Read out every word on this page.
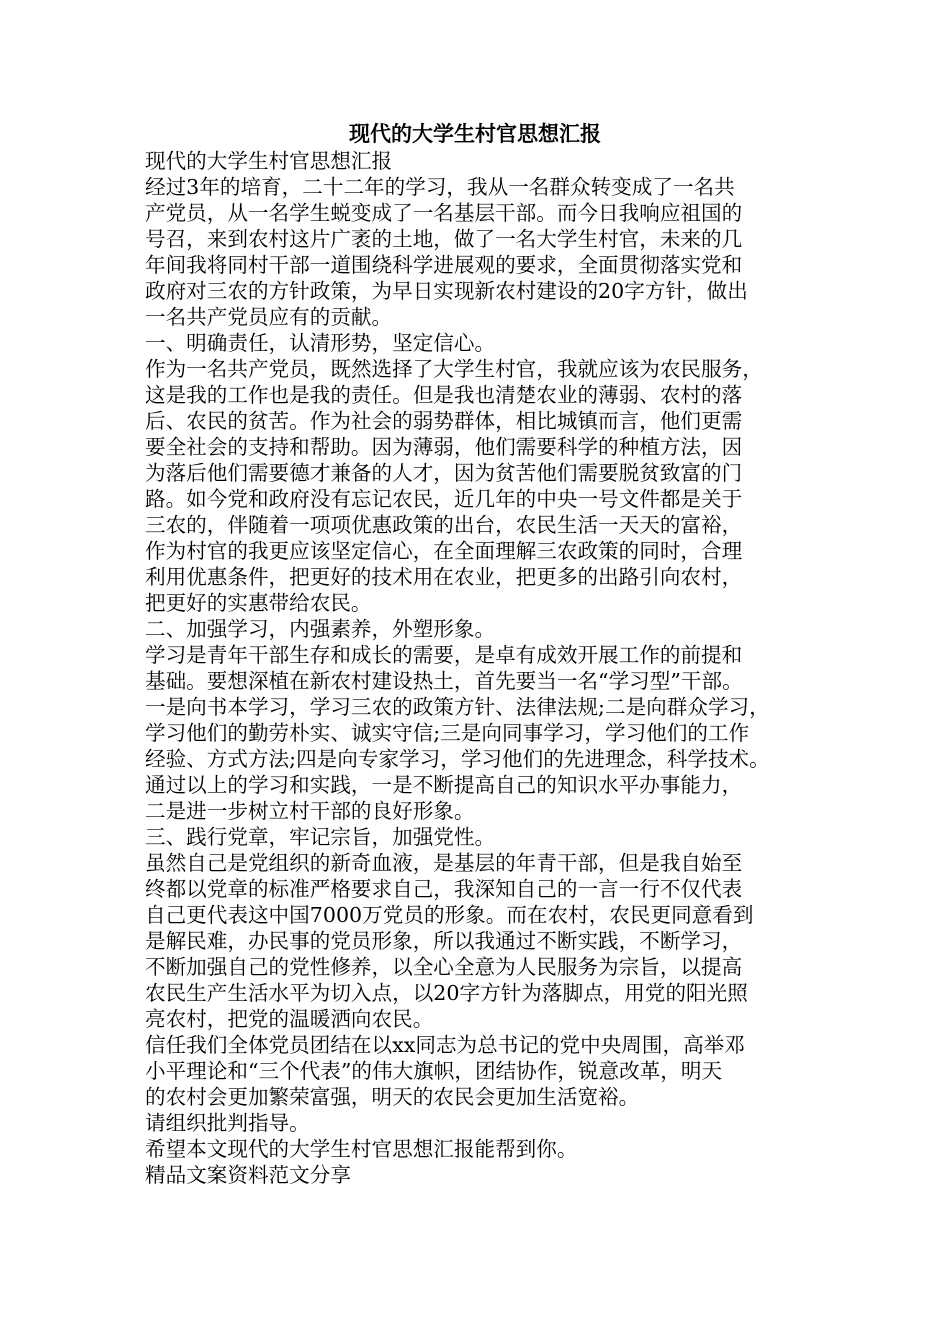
现代的大学生村官思想汇报
现代的大学生村官思想汇报
经过3年的培育，二十二年的学习，我从一名群众转变成了一名共
产党员，从一名学生蜕变成了一名基层干部。而今日我响应祖国的
号召，来到农村这片广袤的土地，做了一名大学生村官，未来的几
年间我将同村干部一道围绕科学进展观的要求，全面贯彻落实党和
政府对三农的方针政策，为早日实现新农村建设的20字方针，做出
一名共产党员应有的贡献。
一、明确责任，认清形势，坚定信心。
作为一名共产党员，既然选择了大学生村官，我就应该为农民服务，
这是我的工作也是我的责任。但是我也清楚农业的薄弱、农村的落
后、农民的贫苦。作为社会的弱势群体，相比城镇而言，他们更需
要全社会的支持和帮助。因为薄弱，他们需要科学的种植方法，因
为落后他们需要德才兼备的人才，因为贫苦他们需要脱贫致富的门
路。如今党和政府没有忘记农民，近几年的中央一号文件都是关于
三农的，伴随着一项项优惠政策的出台，农民生活一天天的富裕，
作为村官的我更应该坚定信心，在全面理解三农政策的同时，合理
利用优惠条件，把更好的技术用在农业，把更多的出路引向农村，
把更好的实惠带给农民。
二、加强学习，内强素养，外塑形象。
学习是青年干部生存和成长的需要，是卓有成效开展工作的前提和
基础。要想深植在新农村建设热土，首先要当一名“学习型”干部。
一是向书本学习，学习三农的政策方针、法律法规;二是向群众学习，
学习他们的勤劳朴实、诚实守信;三是向同事学习，学习他们的工作
经验、方式方法;四是向专家学习，学习他们的先进理念，科学技术。
通过以上的学习和实践，一是不断提高自己的知识水平办事能力，
二是进一步树立村干部的良好形象。
三、践行党章，牢记宗旨，加强党性。
虽然自己是党组织的新奇血液，是基层的年青干部，但是我自始至
终都以党章的标准严格要求自己，我深知自己的一言一行不仅代表
自己更代表这中国7000万党员的形象。而在农村，农民更同意看到
是解民难，办民事的党员形象，所以我通过不断实践，不断学习，
不断加强自己的党性修养，以全心全意为人民服务为宗旨，以提高
农民生产生活水平为切入点，以20字方针为落脚点，用党的阳光照
亮农村，把党的温暖洒向农民。
信任我们全体党员团结在以xx同志为总书记的党中央周围，高举邓
小平理论和“三个代表”的伟大旗帜，团结协作，锐意改革，明天
的农村会更加繁荣富强，明天的农民会更加生活宽裕。
请组织批判指导。
希望本文现代的大学生村官思想汇报能帮到你。
精品文案资料范文分享
